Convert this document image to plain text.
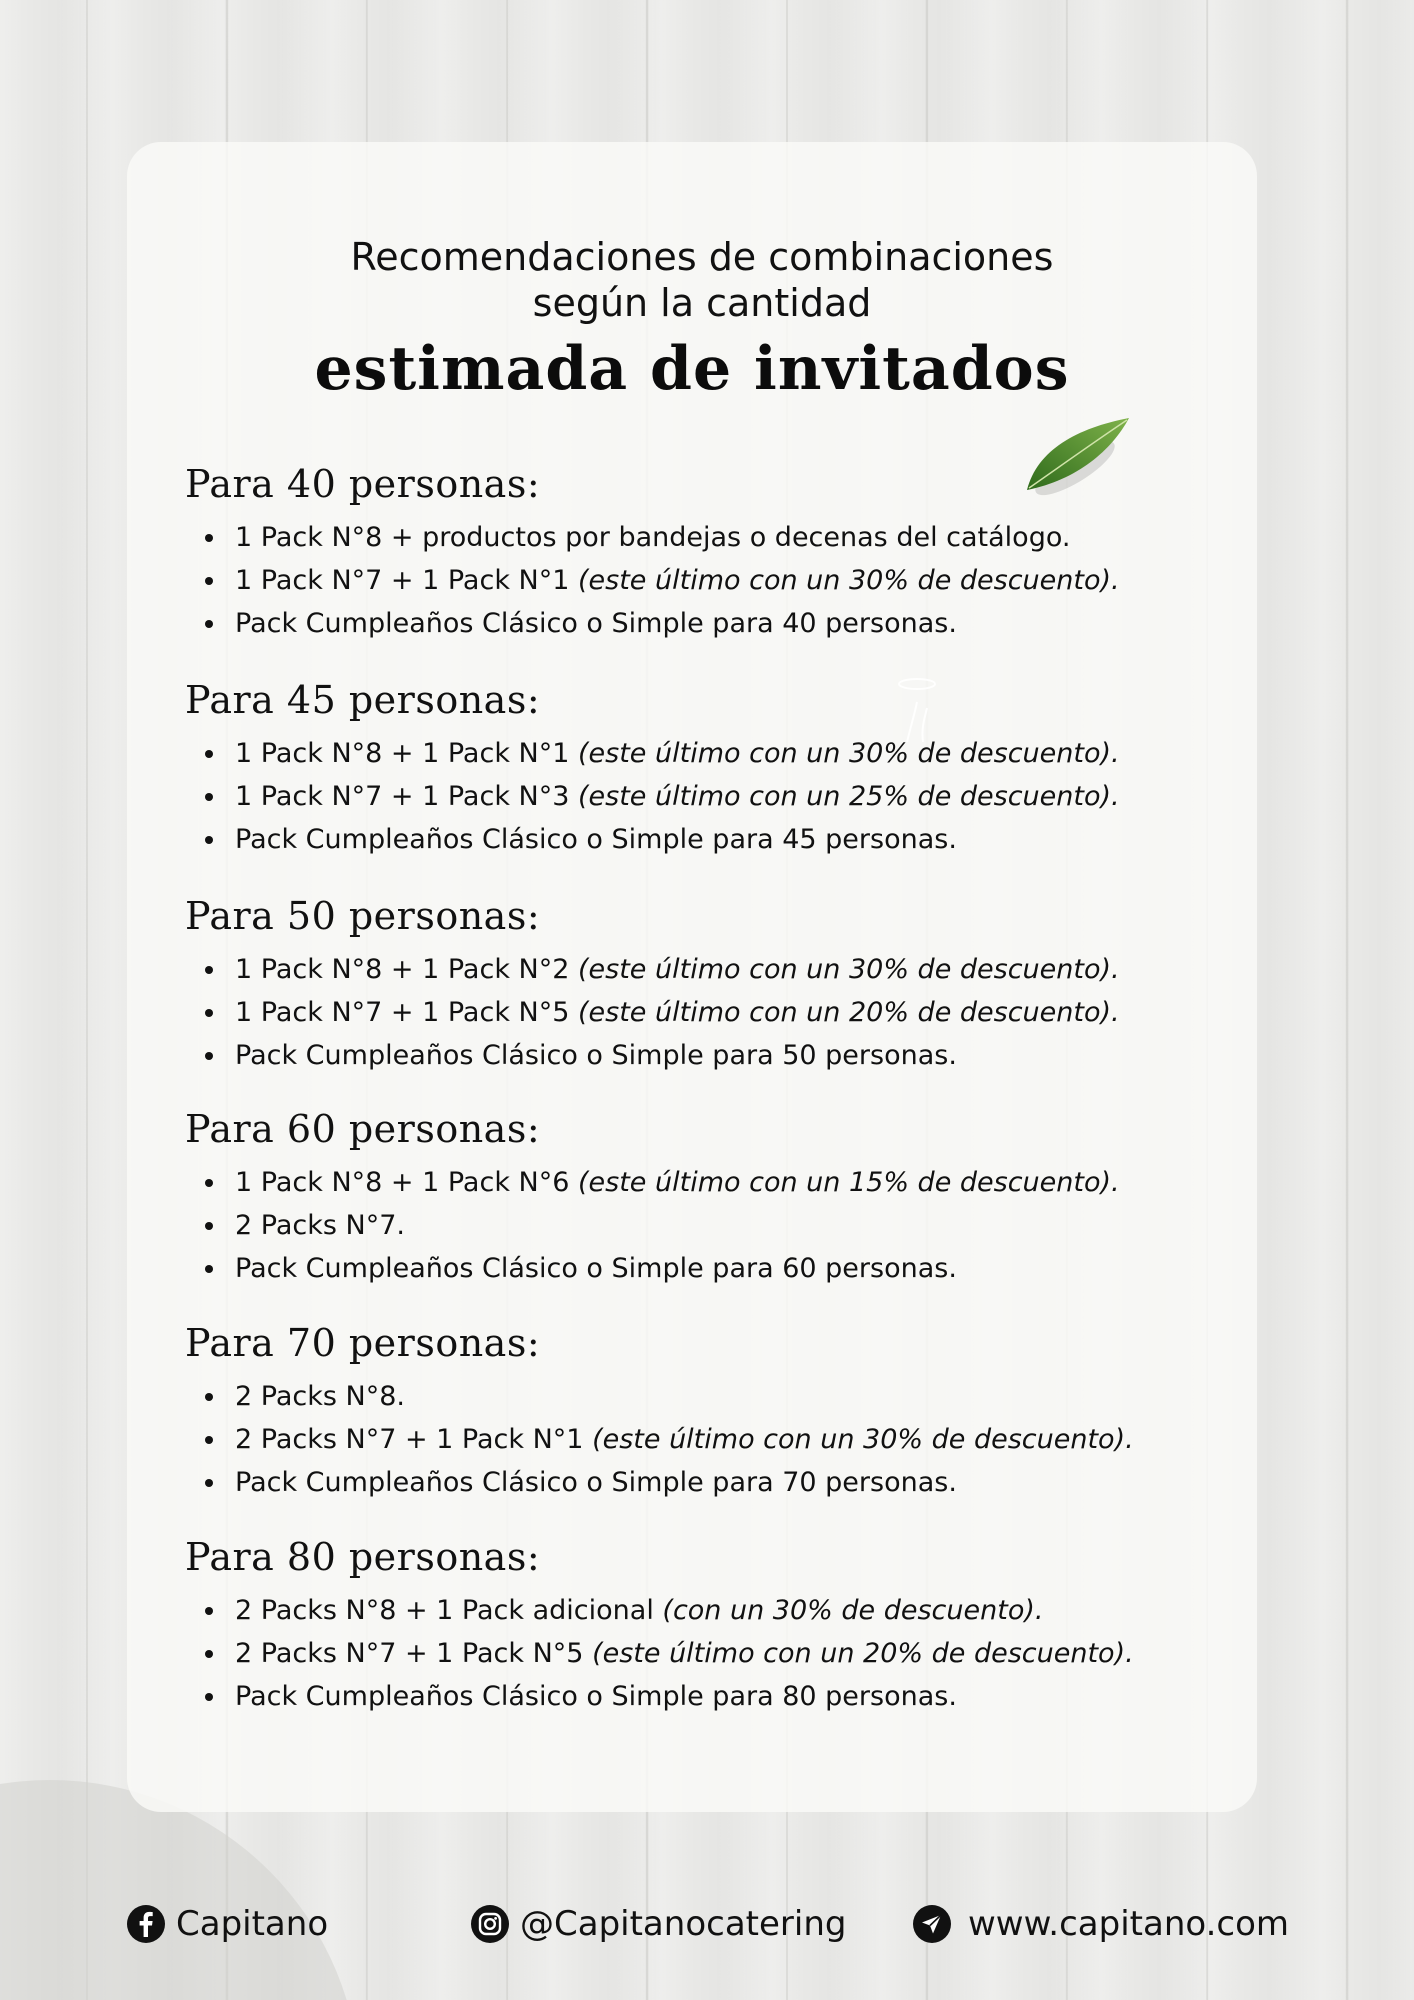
Recomendaciones de combinaciones
según la cantidad
estimada de invitados
Para 40 personas:
1 Pack N°8 + productos por bandejas o decenas del catálogo.
1 Pack N°7 + 1 Pack N°1 (este último con un 30% de descuento).
Pack Cumpleaños Clásico o Simple para 40 personas.
Para 45 personas:
1 Pack N°8 + 1 Pack N°1 (este último con un 30% de descuento).
1 Pack N°7 + 1 Pack N°3 (este último con un 25% de descuento).
Pack Cumpleaños Clásico o Simple para 45 personas.
Para 50 personas:
1 Pack N°8 + 1 Pack N°2 (este último con un 30% de descuento).
1 Pack N°7 + 1 Pack N°5 (este último con un 20% de descuento).
Pack Cumpleaños Clásico o Simple para 50 personas.
Para 60 personas:
1 Pack N°8 + 1 Pack N°6 (este último con un 15% de descuento).
2 Packs N°7.
Pack Cumpleaños Clásico o Simple para 60 personas.
Para 70 personas:
2 Packs N°8.
2 Packs N°7 + 1 Pack N°1 (este último con un 30% de descuento).
Pack Cumpleaños Clásico o Simple para 70 personas.
Para 80 personas:
2 Packs N°8 + 1 Pack adicional (con un 30% de descuento).
2 Packs N°7 + 1 Pack N°5 (este último con un 20% de descuento).
Pack Cumpleaños Clásico o Simple para 80 personas.
Capitano	@Capitanocatering	www.capitano.com
